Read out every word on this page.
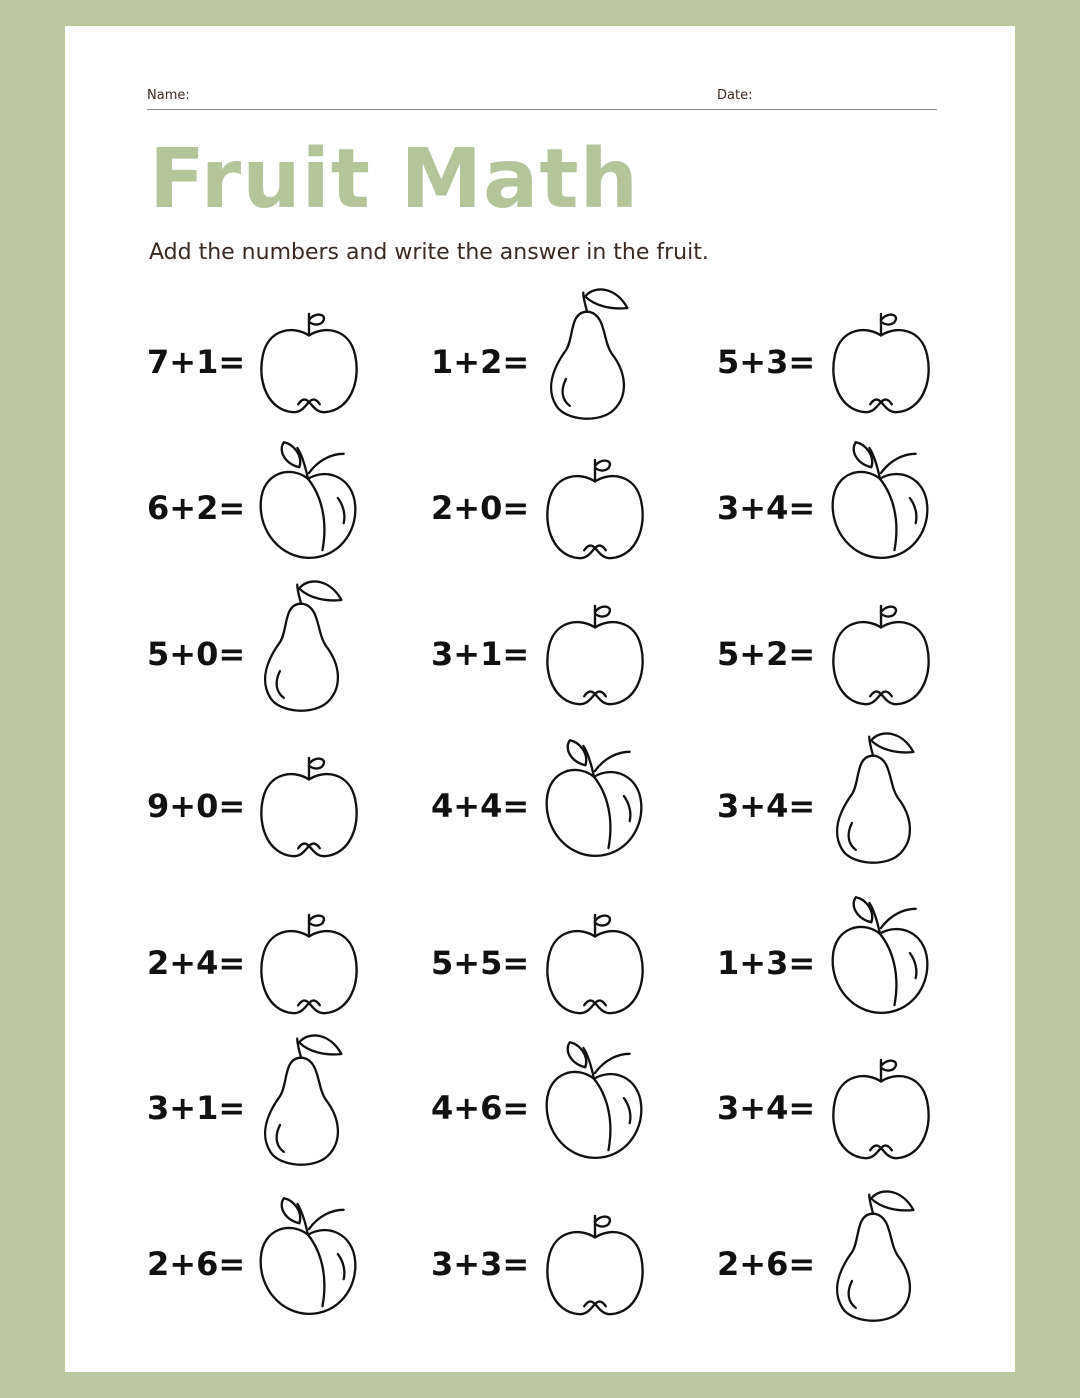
Name:	Date:
Fruit Math
Add the numbers and write the answer in the fruit.
7+1=	1+2=	5+3=
6+2=	2+0=	3+4=
5+0=	3+1=	5+2=
9+0=	4+4=	3+4=
2+4=	5+5=	1+3=
3+1=	4+6=	3+4=
2+6=	3+3=	2+6=
